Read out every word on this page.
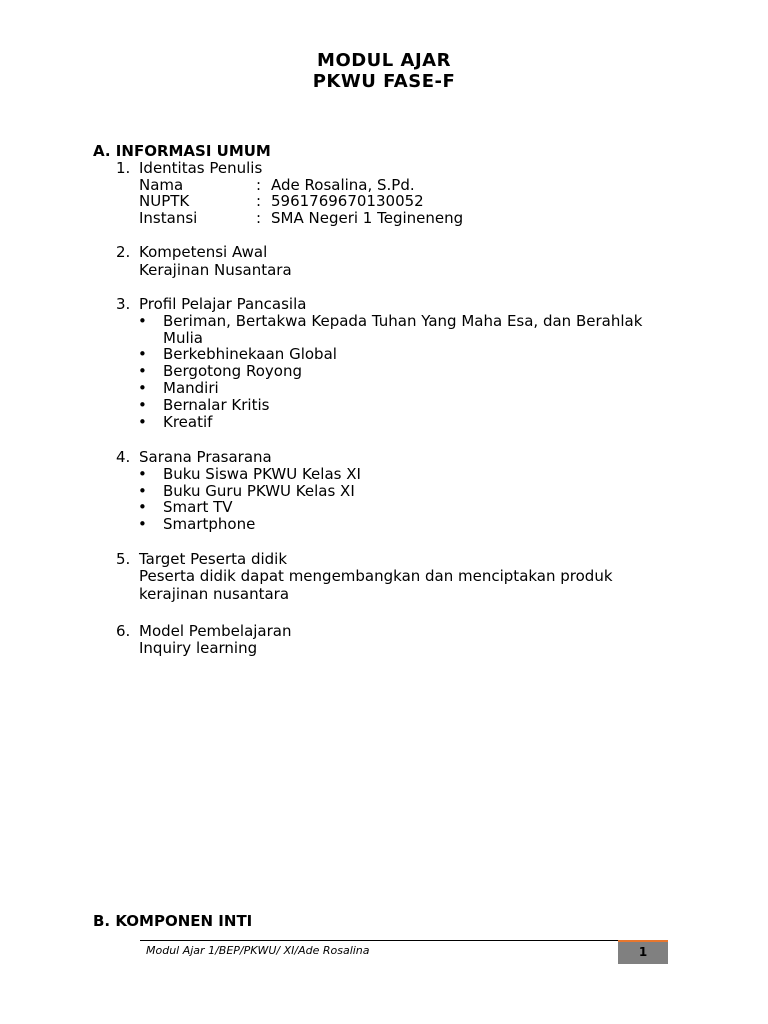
MODUL AJAR
PKWU FASE-F
A. INFORMASI UMUM
1. Identitas Penulis
Nama	: Ade Rosalina, S.Pd.
NUPTK	: 5961769670130052
Instansi	: SMA Negeri 1 Tegineneng
2. Kompetensi Awal
Kerajinan Nusantara
3. Profil Pelajar Pancasila
• Beriman, Bertakwa Kepada Tuhan Yang Maha Esa, dan Berahlak
Mulia
• Berkebhinekaan Global
• Bergotong Royong
• Mandiri
• Bernalar Kritis
• Kreatif
4. Sarana Prasarana
• Buku Siswa PKWU Kelas XI
• Buku Guru PKWU Kelas XI
• Smart TV
• Smartphone
5. Target Peserta didik
Peserta didik dapat mengembangkan dan menciptakan produk
kerajinan nusantara
6. Model Pembelajaran
Inquiry learning
B. KOMPONEN INTI
Modul Ajar 1/BEP/PKWU/ XI/Ade Rosalina	1
